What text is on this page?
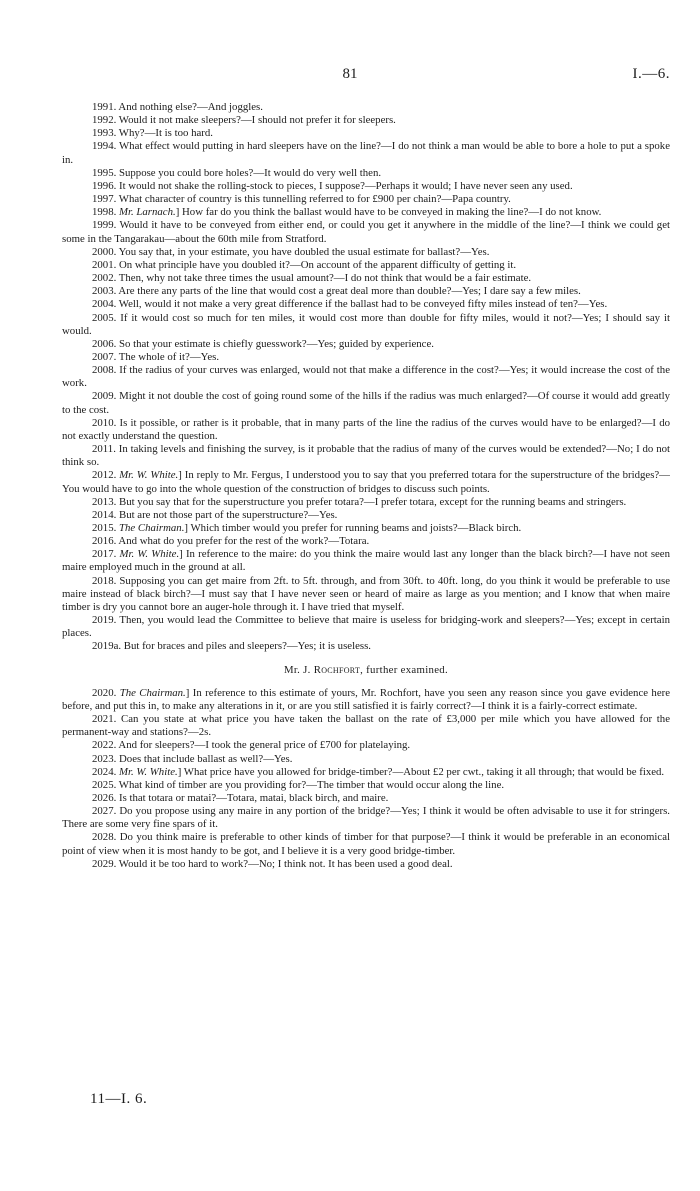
81	I.—6.

1991. And nothing else?—And joggles.

1992. Would it not make sleepers?—I should not prefer it for sleepers.

1993. Why?—It is too hard.

1994. What effect would putting in hard sleepers have on the line?—I do not think a man would be able to bore a hole to put a spoke in.

1995. Suppose you could bore holes?—It would do very well then.

1996. It would not shake the rolling-stock to pieces, I suppose?—Perhaps it would; I have never seen any used.

1997. What character of country is this tunnelling referred to for £900 per chain?—Papa country.

1998. Mr. Larnach.] How far do you think the ballast would have to be conveyed in making the line?—I do not know.

1999. Would it have to be conveyed from either end, or could you get it anywhere in the middle of the line?—I think we could get some in the Tangarakau—about the 60th mile from Stratford.

2000. You say that, in your estimate, you have doubled the usual estimate for ballast?—Yes.

2001. On what principle have you doubled it?—On account of the apparent difficulty of getting it.

2002. Then, why not take three times the usual amount?—I do not think that would be a fair estimate.

2003. Are there any parts of the line that would cost a great deal more than double?—Yes; I dare say a few miles.

2004. Well, would it not make a very great difference if the ballast had to be conveyed fifty miles instead of ten?—Yes.

2005. If it would cost so much for ten miles, it would cost more than double for fifty miles, would it not?—Yes; I should say it would.

2006. So that your estimate is chiefly guesswork?—Yes; guided by experience.

2007. The whole of it?—Yes.

2008. If the radius of your curves was enlarged, would not that make a difference in the cost?—Yes; it would increase the cost of the work.

2009. Might it not double the cost of going round some of the hills if the radius was much enlarged?—Of course it would add greatly to the cost.

2010. Is it possible, or rather is it probable, that in many parts of the line the radius of the curves would have to be enlarged?—I do not exactly understand the question.

2011. In taking levels and finishing the survey, is it probable that the radius of many of the curves would be extended?—No; I do not think so.

2012. Mr. W. White.] In reply to Mr. Fergus, I understood you to say that you preferred totara for the superstructure of the bridges?—You would have to go into the whole question of the construction of bridges to discuss such points.

2013. But you say that for the superstructure you prefer totara?—I prefer totara, except for the running beams and stringers.

2014. But are not those part of the superstructure?—Yes.

2015. The Chairman.] Which timber would you prefer for running beams and joists?—Black birch.

2016. And what do you prefer for the rest of the work?—Totara.

2017. Mr. W. White.] In reference to the maire: do you think the maire would last any longer than the black birch?—I have not seen maire employed much in the ground at all.

2018. Supposing you can get maire from 2ft. to 5ft. through, and from 30ft. to 40ft. long, do you think it would be preferable to use maire instead of black birch?—I must say that I have never seen or heard of maire as large as you mention; and I know that when maire timber is dry you cannot bore an auger-hole through it. I have tried that myself.

2019. Then, you would lead the Committee to believe that maire is useless for bridging-work and sleepers?—Yes; except in certain places.

2019a. But for braces and piles and sleepers?—Yes; it is useless.

Mr. J. Rochfort, further examined.

2020. The Chairman.] In reference to this estimate of yours, Mr. Rochfort, have you seen any reason since you gave evidence here before, and put this in, to make any alterations in it, or are you still satisfied it is fairly correct?—I think it is a fairly-correct estimate.

2021. Can you state at what price you have taken the ballast on the rate of £3,000 per mile which you have allowed for the permanent-way and stations?—2s.

2022. And for sleepers?—I took the general price of £700 for platelaying.

2023. Does that include ballast as well?—Yes.

2024. Mr. W. White.] What price have you allowed for bridge-timber?—About £2 per cwt., taking it all through; that would be fixed.

2025. What kind of timber are you providing for?—The timber that would occur along the line.

2026. Is that totara or matai?—Totara, matai, black birch, and maire.

2027. Do you propose using any maire in any portion of the bridge?—Yes; I think it would be often advisable to use it for stringers. There are some very fine spars of it.

2028. Do you think maire is preferable to other kinds of timber for that purpose?—I think it would be preferable in an economical point of view when it is most handy to be got, and I believe it is a very good bridge-timber.

2029. Would it be too hard to work?—No; I think not. It has been used a good deal.

11—I. 6.
